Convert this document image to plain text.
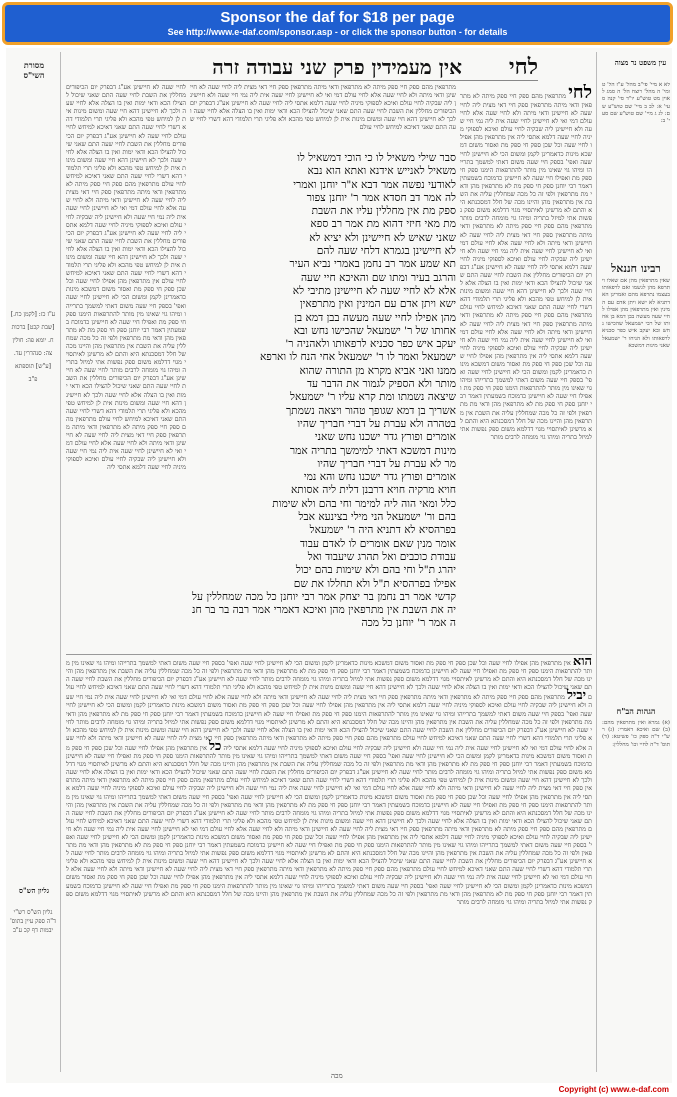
Sponsor the daf for $18 per page
See http://www.e-daf.com/sponsor.asp - or click the sponsor button - for details
לחי אין מעמידין פרק שני עבודה זרה
מסורת השי"ס
ע"ז כז: [לקמן כח.] [שבת קכט] ברכות ח. יומא פה: חולין צה: סנהדרין עד. [ע"ש] תוספתא פ"ב
גליון הש"ס
גליון הש"ס רש"י ד"ה ספק עיין בתוס' יבמות דף קכ ע"ב
עין משפט נר מצוה
לא א מיי' פי"ב מהל' ע"ז הל' ט ומי' ה מהל' רוצח הל' ה סמג לאוין מט טוש"ע יו"ד סי' קנה סעי' א: לב ב מיי' שם טוש"ע שם: לג ג מיי' שם טוש"ע שם סעי' ב:
רבינו חננאל
שאין מתרפאין מהן אם שאלו ויתרפא מהן לגשמו ואם לרפאותו בעצמו נתרפא מהם ואמרינן הא דתניא לא ישא ויתן אדם עם המינין ואין מתרפאין מהן אפילו לחיי שעה מעשה בבן דמא בן אחותו של רבי ישמעאל שהכישו נחש ובא יעקב איש כפר סכניא לרפאותו ולא הניחו ר' ישמעאל שאני מינות דמשכא
הגהות הב"ח
(א) גמרא ואין מתרפאין מהם: (ב) שם ואיכא דאמרי: (ג) רש"י ד"ה ספק כו' פשיטא: (ד) תוס' ד"ה לחיי וכו' מחללין:
לחיי שעה לא חיישינן אע"ג דבפרק יום הכיפורים מחללין את השבת לחיי שעה התם שאני שיכול להצילו הכא ודאי ימות ואין בו הצלה אלא לחיי שעה ולכך לא חיישינן דהא חיי שעה ומשום מינות אית לן למיחש טפי מהכא ולא פליגי תרי תלמודי דהא דשרי לחיי שעה התם שאני דאיכא למיחש לחיי עולם לחיי שעה לא חיישינן אע"ג דבפרק יום הכיפורים מחללין את השבת לחיי שעה התם שאני שיכול להצילו הכא ודאי ימות ואין בו הצלה אלא לחיי שעה ולכך לא חיישינן דהא חיי שעה ומשום מינות אית לן למיחש טפי מהכא ולא פליגי תרי תלמודי דהא דשרי לחיי שעה התם שאני דאיכא למיחש לחיי עולם מתרפאין מהם ספק חיי ספק מיתה לא מתרפאין ודאי מיתה מתרפאין ספק חיי דאי מצית ליה לחיי שעה לא חיישינן ודאי מיתה ולא לחיי שעה אלא לחיי עולם דמי ואי לא חיישינן לחיי שעה אית ליה נמי חיי שעה ולא חיישינן ליה שבקיה לחיי עולם ואיכא לספוקי מיניה לחיי שעה דלמא אתסי ליה לחיי שעה לא חיישינן אע"ג דבפרק יום הכיפורים מחללין את השבת לחיי שעה התם שאני שיכול להצילו הכא ודאי ימות ואין בו הצלה אלא לחיי שעה ולכך לא חיישינן דהא חיי שעה ומשום מינות אית לן למיחש טפי מהכא ולא פליגי תרי תלמודי דהא דשרי לחיי שעה התם שאני דאיכא למיחש לחיי עולם אין מתרפאין מהן אפילו לחיי שעה וכל שכן ספק חי ספק מת ואסור משום דמשכא מינות כדאמרינן לקמן ומשום הכי לא חיישינן לחיי שעה ואפי' בספק חיי שעה משום דאתי למשמך בתרייהו ומיהו גוי שאינו מין מותר להתרפאות הימנו ספק חי ספק מת ואפילו חיי שעה לא חיישינן כדמוכח בשמעתין דאמר רבי יוחנן ספק חי ספק מת לא מתרפאין מהן ודאי מת מתרפאין ולפי זה כל מכה שמחללין עליה את השבת אין מתרפאין מהן והיינו מכה של חלל דמסכנתא היא והתם לא מרשינן לאיתסויי מגוי דדלמא משום ספק נפשות אתי למיזל בתריה ומיהו גוי מומחה לרבים מותר לחיי שעה לא חיישינן אע"ג דבפרק יום הכיפורים מחללין את השבת לחיי שעה התם שאני שיכול להצילו הכא ודאי ימות ואין בו הצלה אלא לחיי שעה ולכך לא חיישינן דהא חיי שעה ומשום מינות אית לן למיחש טפי מהכא ולא פליגי תרי תלמודי דהא דשרי לחיי שעה התם שאני דאיכא למיחש לחיי עולם מתרפאין מהם ספק חיי ספק מיתה לא מתרפאין ודאי מיתה מתרפאין ספק חיי דאי מצית ליה לחיי שעה לא חיישינן ודאי מיתה ולא לחיי שעה אלא לחיי עולם דמי ואי לא חיישינן לחיי שעה אית ליה נמי חיי שעה ולא חיישינן ליה שבקיה לחיי עולם ואיכא לספוקי מיניה לחיי שעה דלמא אתסי ליה
לחי מתרפאין מהם ספק חיי ספק מיתה לא מתרפאין ודאי מיתה מתרפאין ספק חיי דאי מצית ליה לחיי שעה לא חיישינן ודאי מיתה ולא לחיי שעה אלא לחיי עולם דמי ואי לא חיישינן לחיי שעה אית ליה נמי חיי שעה ולא חיישינן ליה שבקיה לחיי עולם ואיכא לספוקי מיניה לחיי שעה דלמא אתסי ליה אין מתרפאין מהן אפילו לחיי שעה וכל שכן ספק חי ספק מת ואסור משום דמשכא מינות כדאמרינן לקמן ומשום הכי לא חיישינן לחיי שעה ואפי' בספק חיי שעה משום דאתי למשמך בתרייהו ומיהו גוי שאינו מין מותר להתרפאות הימנו ספק חי ספק מת ואפילו חיי שעה לא חיישינן כדמוכח בשמעתין דאמר רבי יוחנן ספק חי ספק מת לא מתרפאין מהן ודאי מת מתרפאין ולפי זה כל מכה שמחללין עליה את השבת אין מתרפאין מהן והיינו מכה של חלל דמסכנתא היא והתם לא מרשינן לאיתסויי מגוי דדלמא משום ספק נפשות אתי למיזל בתריה ומיהו גוי מומחה לרבים מותר מתרפאין מהם ספק חיי ספק מיתה לא מתרפאין ודאי מיתה מתרפאין ספק חיי דאי מצית ליה לחיי שעה לא חיישינן ודאי מיתה ולא לחיי שעה אלא לחיי עולם דמי ואי לא חיישינן לחיי שעה אית ליה נמי חיי שעה ולא חיישינן ליה שבקיה לחיי עולם ואיכא לספוקי מיניה לחיי שעה דלמא אתסי ליה לחיי שעה לא חיישינן אע"ג דבפרק יום הכיפורים מחללין את השבת לחיי שעה התם שאני שיכול להצילו הכא ודאי ימות ואין בו הצלה אלא לחיי שעה ולכך לא חיישינן דהא חיי שעה ומשום מינות אית לן למיחש טפי מהכא ולא פליגי תרי תלמודי דהא דשרי לחיי שעה התם שאני דאיכא למיחש לחיי עולם מתרפאין מהם ספק חיי ספק מיתה לא מתרפאין ודאי מיתה מתרפאין ספק חיי דאי מצית ליה לחיי שעה לא חיישינן ודאי מיתה ולא לחיי שעה אלא לחיי עולם דמי ואי לא חיישינן לחיי שעה אית ליה נמי חיי שעה ולא חיישינן ליה שבקיה לחיי עולם ואיכא לספוקי מיניה לחיי שעה דלמא אתסי ליה אין מתרפאין מהן אפילו לחיי שעה וכל שכן ספק חי ספק מת ואסור משום דמשכא מינות כדאמרינן לקמן ומשום הכי לא חיישינן לחיי שעה ואפי' בספק חיי שעה משום דאתי למשמך בתרייהו ומיהו גוי שאינו מין מותר להתרפאות הימנו ספק חי ספק מת ואפילו חיי שעה לא חיישינן כדמוכח בשמעתין דאמר רבי יוחנן ספק חי ספק מת לא מתרפאין מהן ודאי מת מתרפאין ולפי זה כל מכה שמחללין עליה את השבת אין מתרפאין מהן והיינו מכה של חלל דמסכנתא היא והתם לא מרשינן לאיתסויי מגוי דדלמא משום ספק נפשות אתי למיזל בתריה ומיהו גוי מומחה לרבים מותר
מתרפאין מהם ספק חיי ספק מיתה לא מתרפאין ודאי מיתה מתרפאין ספק חיי דאי מצית ליה לחיי שעה לא חיישינן ודאי מיתה ולא לחיי שעה אלא לחיי עולם דמי ואי לא חיישינן לחיי שעה אית ליה נמי חיי שעה ולא חיישינן ליה שבקיה לחיי עולם ואיכא לספוקי מיניה לחיי שעה דלמא אתסי ליה לחיי שעה לא חיישינן אע"ג דבפרק יום הכיפורים מחללין את השבת לחיי שעה התם שאני שיכול להצילו הכא ודאי ימות ואין בו הצלה אלא לחיי שעה ולכך לא חיישינן דהא חיי שעה ומשום מינות אית לן למיחש טפי מהכא ולא פליגי תרי תלמודי דהא דשרי לחיי שעה התם שאני דאיכא למיחש לחיי עולם
סבר שילי משאיל לו כי הוכי דמשאיל לו
משאיל לאנייש אידנא ואתא הוא נבא
לאודעי נפשה אמר דבא א"ר יוחנן ואמרי
לה אמר דב חסדא אמר ר' יוחנן צפור
ספק מת אין מחללין עליו את השבת
מת מאי חיזי דהוא מת אמר רב ספא
שאני שאיש לא חיישינן ולא יציא לא
לא חיישינן בגמרא דלחי שעה להם
תא שמע אמר רב נחמן באמרי נביא העיר
והרגב בעיר ומתו שם והאיכא חיי שעה
אלא לא לחיי שעה לא חיישינן מתיבי לא
ישא ויתן אדם עם המינין ואין מתרפאין
מהן אפילו לחיי שעה מעשה בבן דמא בן
אחותו של ר' ישמעאל שהכישו נחש ובא
יעקב איש כפר סכניא לרפאותו ולאהניה ר'
ישמעאל ואמר לו ר' ישמעאל אחי הנח לו וארפא
ממנו ואני אביא מקרא מן התורה שהוא
מותר ולא הספיק לגמור את הדבר עד
שיצאה נשמתו ומת קרא עליו ר' ישמעאל
אשריך בן דמא שגופך טהור ויצאה נשמתך
בטהרה ולא עברת על דברי חבריך שהיו
אומרים ופורץ גדר ישכנו נחש שאני
מינות דמשכא דאתי למימשך בתריה אמר
מר לא עברת על דברי חבריך שהיו
אומרים ופורץ גדר ישכנו נחש והא נמי
חויא מרקיה חויא דרבנן דלית ליה אסותא
כלל ומאי הוה ליה למימר וחי בהם ולא שימות
בהם ור' ישמעאל הני מילי בצינעא אבל
בפרהסיא לא דתניא היה ר' ישמעאל
אומר מנין שאם אומרים לו לאדם עבוד
עבודת כוכבים ואל תהרג שיעבוד ואל
יהרג ת"ל וחי בהם ולא שימות בהם יכול
אפילו בפרהסיא ת"ל ולא תחללו את שם
קדשי אמר רב נחמן בר יצחק אמר רבי יוחנן כל מכה שמחללין עליה את השבת אין מתרפאין מהן ואיכא דאמרי אמר רבה בר בר חנה אמר ר' יוחנן כל מכה
הוא אין מתרפאין מהן אפילו לחיי שעה וכל שכן ספק חי ספק מת ואסור משום דמשכא מינות כדאמרינן לקמן ומשום הכי לא חיישינן לחיי שעה ואפי' בספק חיי שעה משום דאתי למשמך בתרייהו ומיהו גוי שאינו מין מותר להתרפאות הימנו ספק חי ספק מת ואפילו חיי שעה לא חיישינן כדמוכח בשמעתין דאמר רבי יוחנן ספק חי ספק מת לא מתרפאין מהן ודאי מת מתרפאין ולפי זה כל מכה שמחללין עליה את השבת אין מתרפאין מהן והיינו מכה של חלל דמסכנתא היא והתם לא מרשינן לאיתסויי מגוי דדלמא משום ספק נפשות אתי למיזל בתריה ומיהו גוי מומחה לרבים מותר לחיי שעה לא חיישינן אע"ג דבפרק יום הכיפורים מחללין את השבת לחיי שעה התם שאני שיכול להצילו הכא ודאי ימות ואין בו הצלה אלא לחיי שעה ולכך לא חיישינן דהא חיי שעה ומשום מינות אית לן למיחש טפי מהכא ולא פליגי תרי תלמודי דהא דשרי לחיי שעה התם שאני דאיכא למיחש לחיי עולם יביל מתרפאין מהם ספק חיי ספק מיתה לא מתרפאין ודאי מיתה מתרפאין ספק חיי דאי מצית ליה לחיי שעה לא חיישינן ודאי מיתה ולא לחיי שעה אלא לחיי עולם דמי ואי לא חיישינן לחיי שעה אית ליה נמי חיי שעה ולא חיישינן ליה שבקיה לחיי עולם ואיכא לספוקי מיניה לחיי שעה דלמא אתסי ליה אין מתרפאין מהן אפילו לחיי שעה וכל שכן ספק חי ספק מת ואסור משום דמשכא מינות כדאמרינן לקמן ומשום הכי לא חיישינן לחיי שעה ואפי' בספק חיי שעה משום דאתי למשמך בתרייהו ומיהו גוי שאינו מין מותר להתרפאות הימנו ספק חי ספק מת ואפילו חיי שעה לא חיישינן כדמוכח בשמעתין דאמר רבי יוחנן ספק חי ספק מת לא מתרפאין מהן ודאי מת מתרפאין ולפי זה כל מכה שמחללין עליה את השבת אין מתרפאין מהן והיינו מכה של חלל דמסכנתא היא והתם לא מרשינן לאיתסויי מגוי דדלמא משום ספק נפשות אתי למיזל בתריה ומיהו גוי מומחה לרבים מותר לחיי שעה לא חיישינן אע"ג דבפרק יום הכיפורים מחללין את השבת לחיי שעה התם שאני שיכול להצילו הכא ודאי ימות ואין בו הצלה אלא לחיי שעה ולכך לא חיישינן דהא חיי שעה ומשום מינות אית לן למיחש טפי מהכא ולא פליגי תרי תלמודי דהא דשרי לחיי שעה התם שאני דאיכא למיחש לחיי עולם מתרפאין מהם ספק חיי ספק מיתה לא מתרפאין ודאי מיתה מתרפאין ספק חיי דאי מצית ליה לחיי שעה לא חיישינן ודאי מיתה ולא לחיי שעה אלא לחיי עולם דמי ואי לא חיישינן לחיי שעה אית ליה נמי חיי שעה ולא חיישינן ליה שבקיה לחיי עולם ואיכא לספוקי מיניה לחיי שעה דלמא אתסי ליה כל אין מתרפאין מהן אפילו לחיי שעה וכל שכן ספק חי ספק מת ואסור משום דמשכא מינות כדאמרינן לקמן ומשום הכי לא חיישינן לחיי שעה ואפי' בספק חיי שעה משום דאתי למשמך בתרייהו ומיהו גוי שאינו מין מותר להתרפאות הימנו ספק חי ספק מת ואפילו חיי שעה לא חיישינן כדמוכח בשמעתין דאמר רבי יוחנן ספק חי ספק מת לא מתרפאין מהן ודאי מת מתרפאין ולפי זה כל מכה שמחללין עליה את השבת אין מתרפאין מהן והיינו מכה של חלל דמסכנתא היא והתם לא מרשינן לאיתסויי מגוי דדלמא משום ספק נפשות אתי למיזל בתריה ומיהו גוי מומחה לרבים מותר לחיי שעה לא חיישינן אע"ג דבפרק יום הכיפורים מחללין את השבת לחיי שעה התם שאני שיכול להצילו הכא ודאי ימות ואין בו הצלה אלא לחיי שעה ולכך לא חיישינן דהא חיי שעה ומשום מינות אית לן למיחש טפי מהכא ולא פליגי תרי תלמודי דהא דשרי לחיי שעה התם שאני דאיכא למיחש לחיי עולם מתרפאין מהם ספק חיי ספק מיתה לא מתרפאין ודאי מיתה מתרפאין ספק חיי דאי מצית ליה לחיי שעה לא חיישינן ודאי מיתה ולא לחיי שעה אלא לחיי עולם דמי ואי לא חיישינן לחיי שעה אית ליה נמי חיי שעה ולא חיישינן ליה שבקיה לחיי עולם ואיכא לספוקי מיניה לחיי שעה דלמא אתסי ליה אין מתרפאין מהן אפילו לחיי שעה וכל שכן ספק חי ספק מת ואסור משום דמשכא מינות כדאמרינן לקמן ומשום הכי לא חיישינן לחיי שעה ואפי' בספק חיי שעה משום דאתי למשמך בתרייהו ומיהו גוי שאינו מין מותר להתרפאות הימנו ספק חי ספק מת ואפילו חיי שעה לא חיישינן כדמוכח בשמעתין דאמר רבי יוחנן ספק חי ספק מת לא מתרפאין מהן ודאי מת מתרפאין ולפי זה כל מכה שמחללין עליה את השבת אין מתרפאין מהן והיינו מכה של חלל דמסכנתא היא והתם לא מרשינן לאיתסויי מגוי דדלמא משום ספק נפשות אתי למיזל בתריה ומיהו גוי מומחה לרבים מותר לחיי שעה לא חיישינן אע"ג דבפרק יום הכיפורים מחללין את השבת לחיי שעה התם שאני שיכול להצילו הכא ודאי ימות ואין בו הצלה אלא לחיי שעה ולכך לא חיישינן דהא חיי שעה ומשום מינות אית לן למיחש טפי מהכא ולא פליגי תרי תלמודי דהא דשרי לחיי שעה התם שאני דאיכא למיחש לחיי עולם מתרפאין מהם ספק חיי ספק מיתה לא מתרפאין ודאי מיתה מתרפאין ספק חיי דאי מצית ליה לחיי שעה לא חיישינן ודאי מיתה ולא לחיי שעה אלא לחיי עולם דמי ואי לא חיישינן לחיי שעה אית ליה נמי חיי שעה ולא חיישינן ליה שבקיה לחיי עולם ואיכא לספוקי מיניה לחיי שעה דלמא אתסי ליה אין מתרפאין מהן אפילו לחיי שעה וכל שכן ספק חי ספק מת ואסור משום דמשכא מינות כדאמרינן לקמן ומשום הכי לא חיישינן לחיי שעה ואפי' בספק חיי שעה משום דאתי למשמך בתרייהו ומיהו גוי שאינו מין מותר להתרפאות הימנו ספק חי ספק מת ואפילו חיי שעה לא חיישינן כדמוכח בשמעתין דאמר רבי יוחנן ספק חי ספק מת לא מתרפאין מהן ודאי מת מתרפאין ולפי זה כל מכה שמחללין עליה את השבת אין מתרפאין מהן והיינו מכה של חלל דמסכנתא היא והתם לא מרשינן לאיתסויי מגוי דדלמא משום ספק נפשות אתי למיזל בתריה ומיהו גוי מומחה לרבים מותר לחיי שעה לא חיישינן אע"ג דבפרק יום הכיפורים מחללין את השבת לחיי שעה התם שאני שיכול להצילו הכא ודאי ימות ואין בו הצלה אלא לחיי שעה ולכך לא חיישינן דהא חיי שעה ומשום מינות אית לן למיחש טפי מהכא ולא פליגי תרי תלמודי דהא דשרי לחיי שעה התם שאני דאיכא למיחש לחיי עולם מתרפאין מהם ספק חיי ספק מיתה לא מתרפאין ודאי מיתה מתרפאין ספק חיי דאי מצית ליה לחיי שעה לא חיישינן ודאי מיתה ולא לחיי שעה אלא לחיי עולם דמי ואי לא חיישינן לחיי שעה אית ליה נמי חיי שעה ולא חיישינן ליה שבקיה לחיי עולם ואיכא לספוקי מיניה לחיי שעה דלמא אתסי ליה אין מתרפאין מהן אפילו לחיי שעה וכל שכן ספק חי ספק מת ואסור משום דמשכא מינות כדאמרינן לקמן ומשום הכי לא חיישינן לחיי שעה ואפי' בספק חיי שעה משום דאתי למשמך בתרייהו ומיהו גוי שאינו מין מותר להתרפאות הימנו ספק חי ספק מת ואפילו חיי שעה לא חיישינן כדמוכח בשמעתין דאמר רבי יוחנן ספק חי ספק מת לא מתרפאין מהן ודאי מת מתרפאין ולפי זה כל מכה שמחללין עליה את השבת אין מתרפאין מהן והיינו מכה של חלל דמסכנתא היא והתם לא מרשינן לאיתסויי מגוי דדלמא משום ספק נפשות אתי למיזל בתריה ומיהו גוי מומחה לרבים מותר
מכה
Copyright (c) www.e-daf.com
